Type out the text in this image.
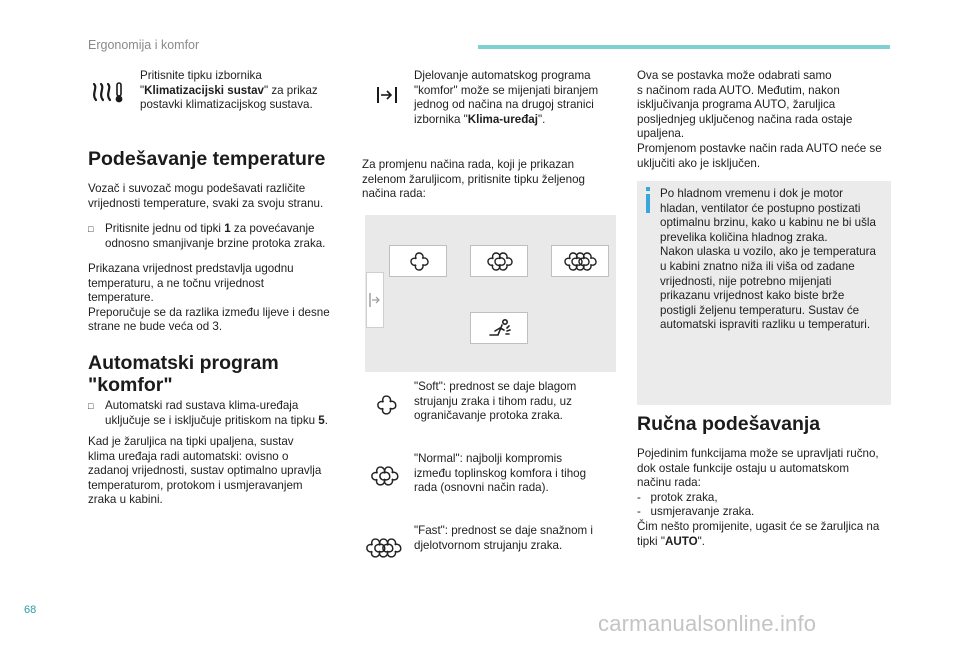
Ergonomija i komfor
Pritisnite tipku izbornika
"Klimatizacijski sustav" za prikaz
postavki klimatizacijskog sustava.
Podešavanje temperature
Vozač i suvozač mogu podešavati različite
vrijednosti temperature, svaki za svoju stranu.
□ Pritisnite jednu od tipki 1 za povećavanje
odnosno smanjivanje brzine protoka zraka.
Prikazana vrijednost predstavlja ugodnu
temperaturu, a ne točnu vrijednost
temperature.
Preporučuje se da razlika između lijeve i desne
strane ne bude veća od 3.
Automatski program
"komfor"
□ Automatski rad sustava klima-uređaja
uključuje se i isključuje pritiskom na tipku 5.
Kad je žaruljica na tipki upaljena, sustav
klima uređaja radi automatski: ovisno o
zadanoj vrijednosti, sustav optimalno upravlja
temperaturom, protokom i usmjeravanjem
zraka u kabini.
Djelovanje automatskog programa
"komfor" može se mijenjati biranjem
jednog od načina na drugoj stranici
izbornika "Klima-uređaj".
Za promjenu načina rada, koji je prikazan
zelenom žaruljicom, pritisnite tipku željenog
načina rada:
"Soft": prednost se daje blagom
strujanju zraka i tihom radu, uz
ograničavanje protoka zraka.
"Normal": najbolji kompromis
između toplinskog komfora i tihog
rada (osnovni način rada).
"Fast": prednost se daje snažnom i
djelotvornom strujanju zraka.
Ova se postavka može odabrati samo
s načinom rada AUTO. Međutim, nakon
isključivanja programa AUTO, žaruljica
posljednjeg uključenog načina rada ostaje
upaljena.
Promjenom postavke način rada AUTO neće se
uključiti ako je isključen.
Po hladnom vremenu i dok je motor
hladan, ventilator će postupno postizati
optimalnu brzinu, kako u kabinu ne bi ušla
prevelika količina hladnog zraka.
Nakon ulaska u vozilo, ako je temperatura
u kabini znatno niža ili viša od zadane
vrijednosti, nije potrebno mijenjati
prikazanu vrijednost kako biste brže
postigli željenu temperaturu. Sustav će
automatski ispraviti razliku u temperaturi.
Ručna podešavanja
Pojedinim funkcijama može se upravljati ručno,
dok ostale funkcije ostaju u automatskom
načinu rada:
-   protok zraka,
-   usmjeravanje zraka.
Čim nešto promijenite, ugasit će se žaruljica na
tipki "AUTO".
68
carmanualsonline.info
